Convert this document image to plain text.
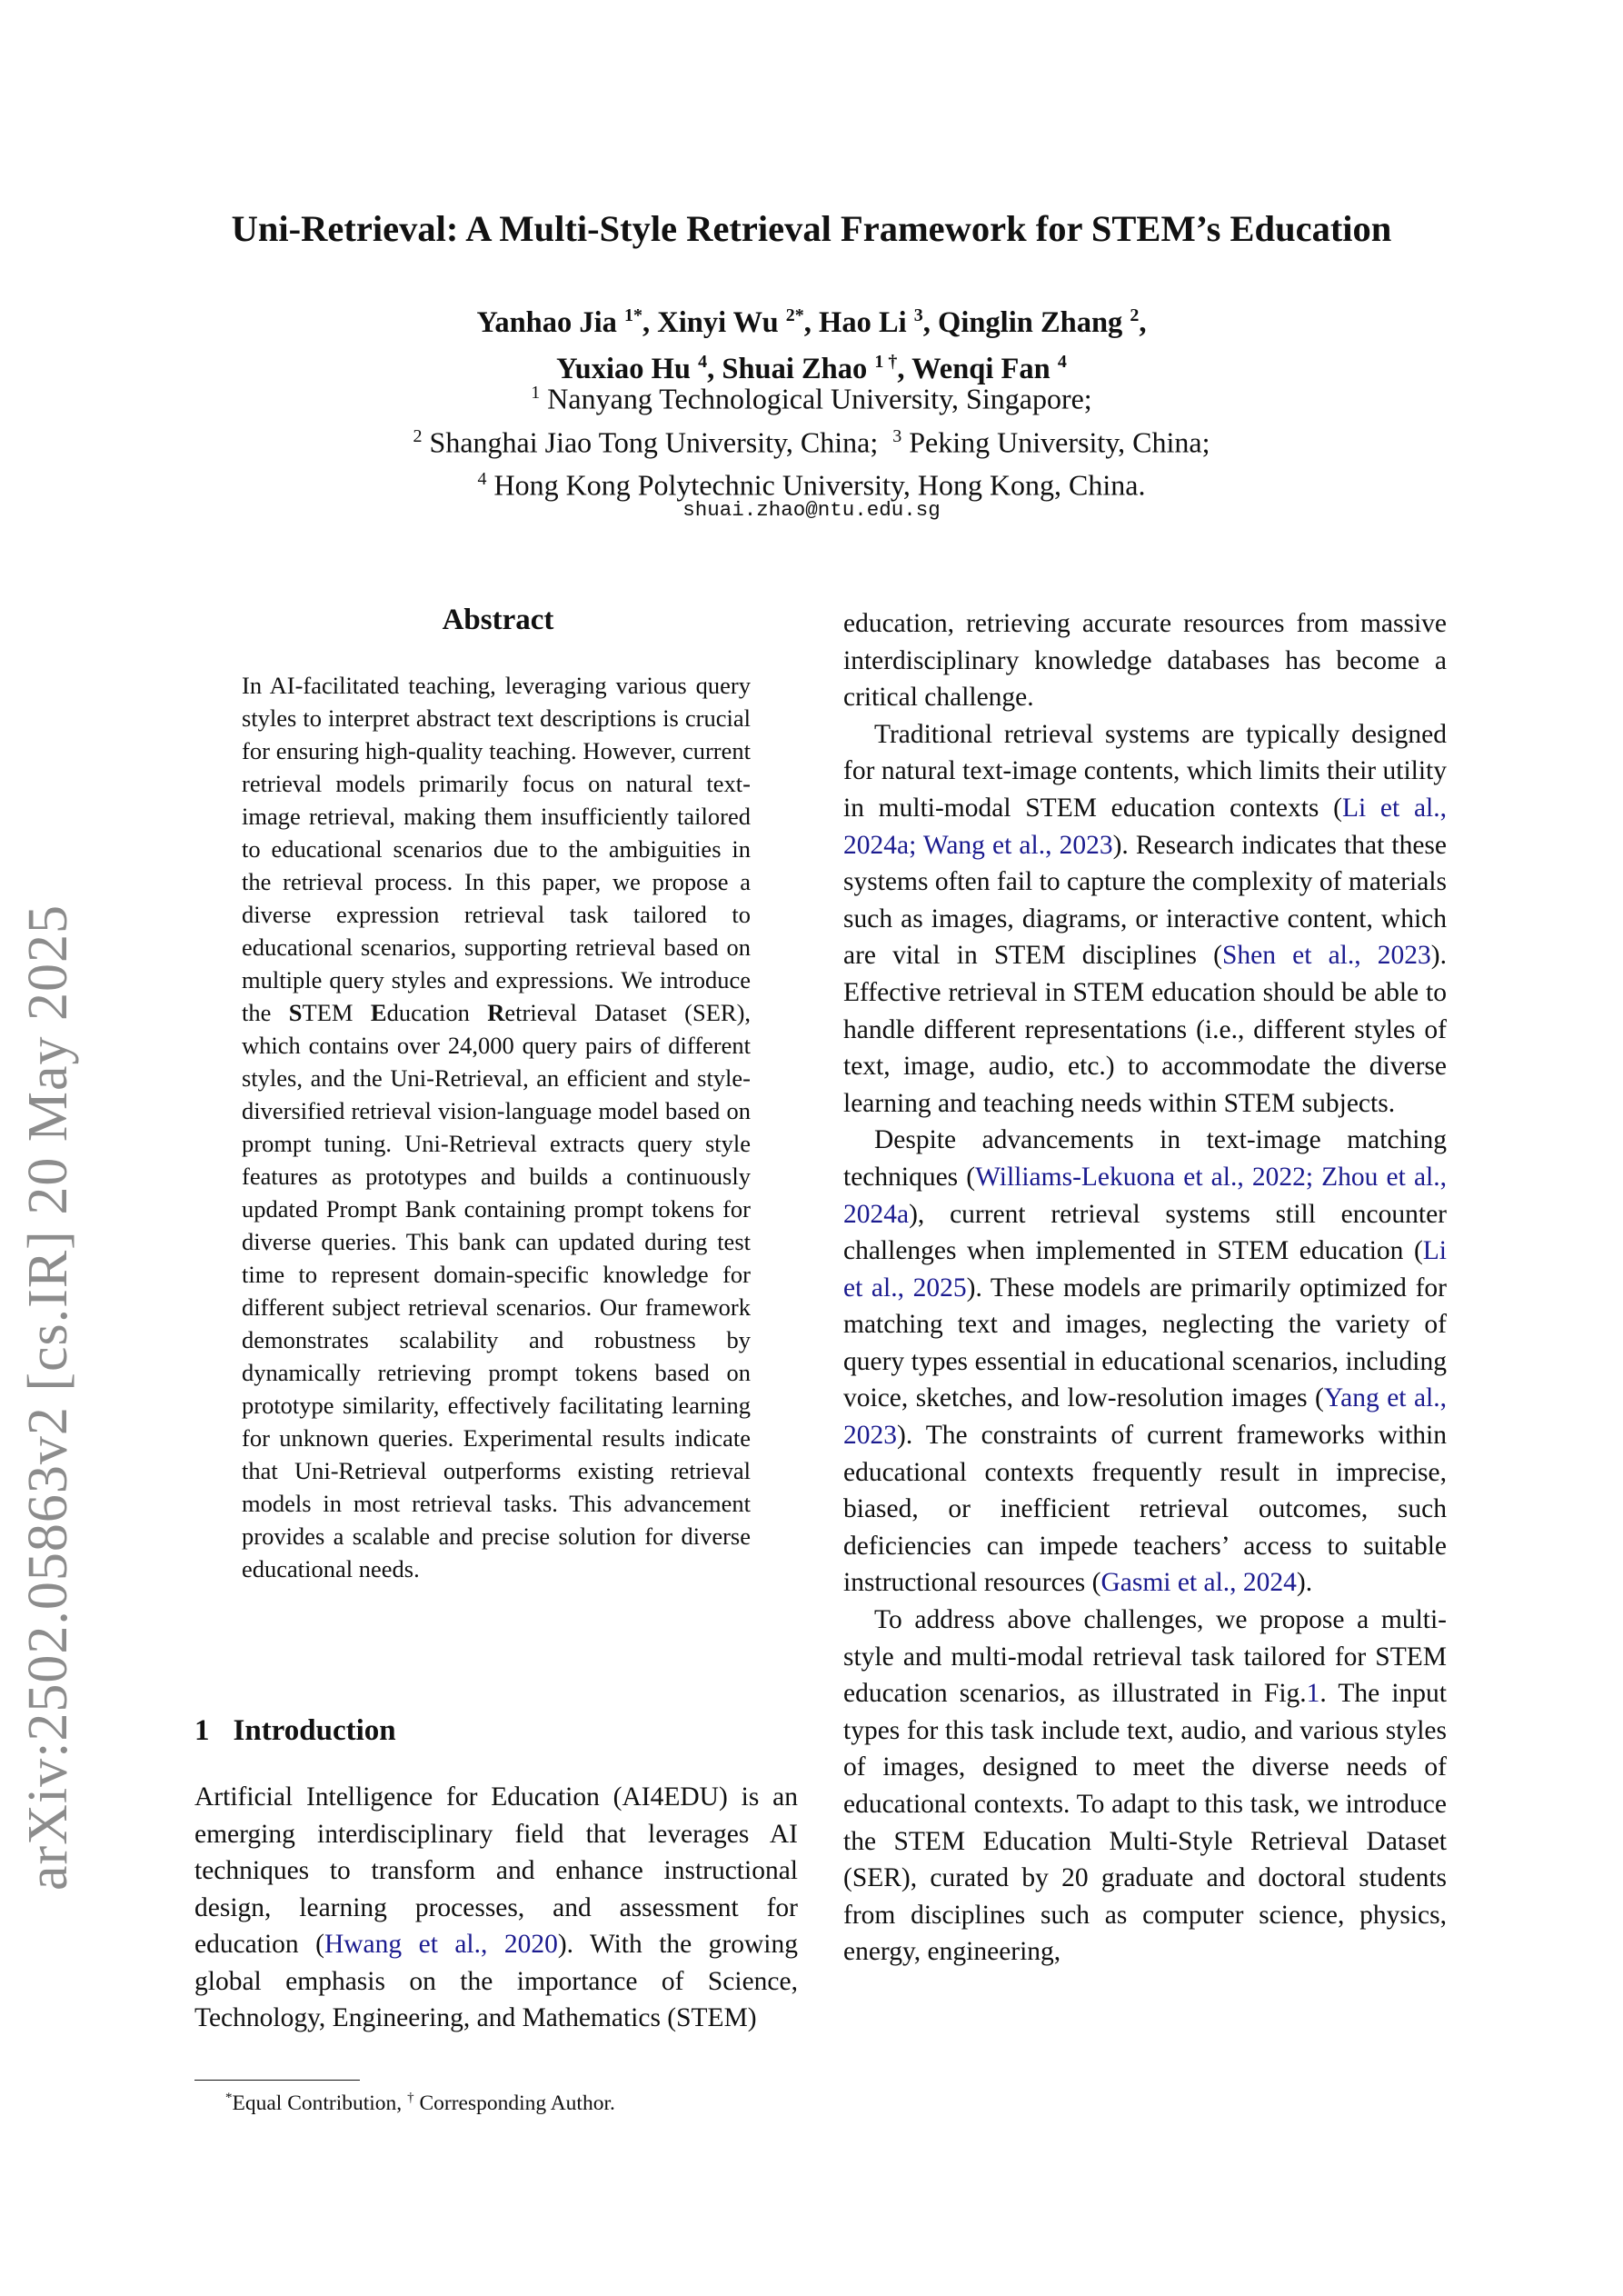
arXiv:2502.05863v2 [cs.IR] 20 May 2025
Uni-Retrieval: A Multi-Style Retrieval Framework for STEM’s Education
Yanhao Jia $^{1*}$, Xinyi Wu $^{2*}$, Hao Li $^3$, Qinglin Zhang $^2$,
Yuxiao Hu $^4$, Shuai Zhao $^{1 \dagger}$, Wenqi Fan $^4$
$^1$ Nanyang Technological University, Singapore;
$^2$ Shanghai Jiao Tong University, China; $^3$ Peking University, China;
$^4$ Hong Kong Polytechnic University, Hong Kong, China.
shuai.zhao@ntu.edu.sg
Abstract
In AI-facilitated teaching, leveraging various query styles to interpret abstract text descriptions is crucial for ensuring high-quality teaching. However, current retrieval models primarily focus on natural text-image retrieval, making them insufficiently tailored to educational scenarios due to the ambiguities in the retrieval process. In this paper, we propose a diverse expression retrieval task tailored to educational scenarios, supporting retrieval based on multiple query styles and expressions. We introduce the STEM Education Retrieval Dataset (SER), which contains over 24,000 query pairs of different styles, and the Uni-Retrieval, an efficient and style-diversified retrieval vision-language model based on prompt tuning. Uni-Retrieval extracts query style features as prototypes and builds a continuously updated Prompt Bank containing prompt tokens for diverse queries. This bank can updated during test time to represent domain-specific knowledge for different subject retrieval scenarios. Our framework demonstrates scalability and robustness by dynamically retrieving prompt tokens based on prototype similarity, effectively facilitating learning for unknown queries. Experimental results indicate that Uni-Retrieval outperforms existing retrieval models in most retrieval tasks. This advancement provides a scalable and precise solution for diverse educational needs.
1 Introduction

Artificial Intelligence for Education (AI4EDU) is an emerging interdisciplinary field that leverages AI techniques to transform and enhance instructional design, learning processes, and assessment for education (Hwang et al., 2020). With the growing global emphasis on the importance of Science, Technology, Engineering, and Mathematics (STEM)

*Equal Contribution, † Corresponding Author.

education, retrieving accurate resources from massive interdisciplinary knowledge databases has become a critical challenge.

Traditional retrieval systems are typically designed for natural text-image contents, which limits their utility in multi-modal STEM education contexts (Li et al., 2024a; Wang et al., 2023). Research indicates that these systems often fail to capture the complexity of materials such as images, diagrams, or interactive content, which are vital in STEM disciplines (Shen et al., 2023). Effective retrieval in STEM education should be able to handle different representations (i.e., different styles of text, image, audio, etc.) to accommodate the diverse learning and teaching needs within STEM subjects.

Despite advancements in text-image matching techniques (Williams-Lekuona et al., 2022; Zhou et al., 2024a), current retrieval systems still encounter challenges when implemented in STEM education (Li et al., 2025). These models are primarily optimized for matching text and images, neglecting the variety of query types essential in educational scenarios, including voice, sketches, and low-resolution images (Yang et al., 2023). The constraints of current frameworks within educational contexts frequently result in imprecise, biased, or inefficient retrieval outcomes, such deficiencies can impede teachers’ access to suitable instructional resources (Gasmi et al., 2024).

To address above challenges, we propose a multi-style and multi-modal retrieval task tailored for STEM education scenarios, as illustrated in Fig.1. The input types for this task include text, audio, and various styles of images, designed to meet the diverse needs of educational contexts. To adapt to this task, we introduce the STEM Education Multi-Style Retrieval Dataset (SER), curated by 20 graduate and doctoral students from disciplines such as computer science, physics, energy, engineering,
